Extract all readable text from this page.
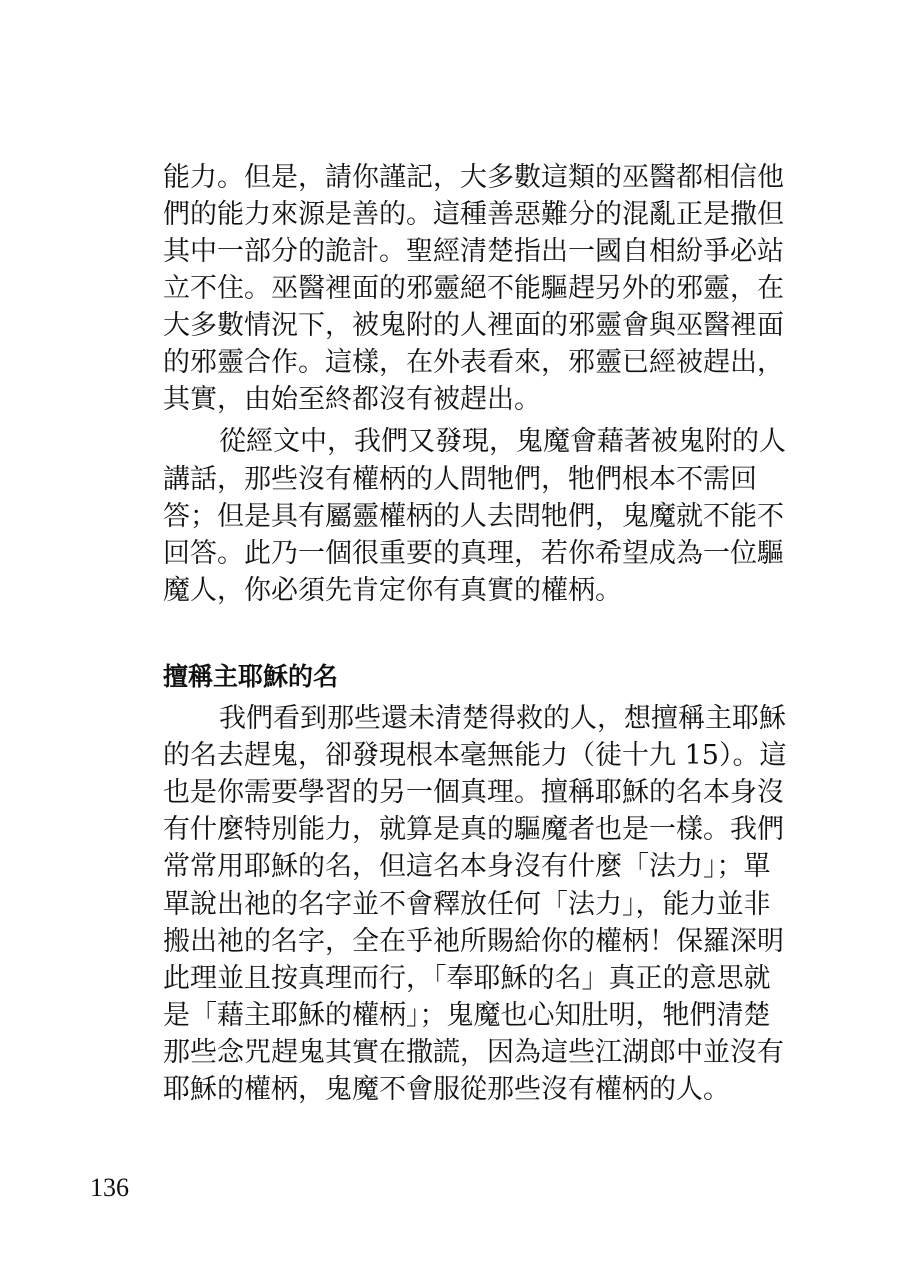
能力。但是，請你謹記，大多數這類的巫醫都相信他
們的能力來源是善的。這種善惡難分的混亂正是撒但
其中一部分的詭計。聖經清楚指出一國自相紛爭必站
立不住。巫醫裡面的邪靈絕不能驅趕另外的邪靈，在
大多數情況下，被鬼附的人裡面的邪靈會與巫醫裡面
的邪靈合作。這樣，在外表看來，邪靈已經被趕出，
其實，由始至終都沒有被趕出。
從經文中，我們又發現，鬼魔會藉著被鬼附的人
講話，那些沒有權柄的人問牠們，牠們根本不需回
答；但是具有屬靈權柄的人去問牠們，鬼魔就不能不
回答。此乃一個很重要的真理，若你希望成為一位驅
魔人，你必須先肯定你有真實的權柄。
擅稱主耶穌的名
我們看到那些還未清楚得救的人，想擅稱主耶穌
的名去趕鬼，卻發現根本毫無能力（徒十九 15）。這
也是你需要學習的另一個真理。擅稱耶穌的名本身沒
有什麼特別能力，就算是真的驅魔者也是一樣。我們
常常用耶穌的名，但這名本身沒有什麼「法力」；單
單說出祂的名字並不會釋放任何「法力」，能力並非
搬出祂的名字，全在乎祂所賜給你的權柄！保羅深明
此理並且按真理而行，「奉耶穌的名」真正的意思就
是「藉主耶穌的權柄」；鬼魔也心知肚明，牠們清楚
那些念咒趕鬼其實在撒謊，因為這些江湖郎中並沒有
耶穌的權柄，鬼魔不會服從那些沒有權柄的人。
136
